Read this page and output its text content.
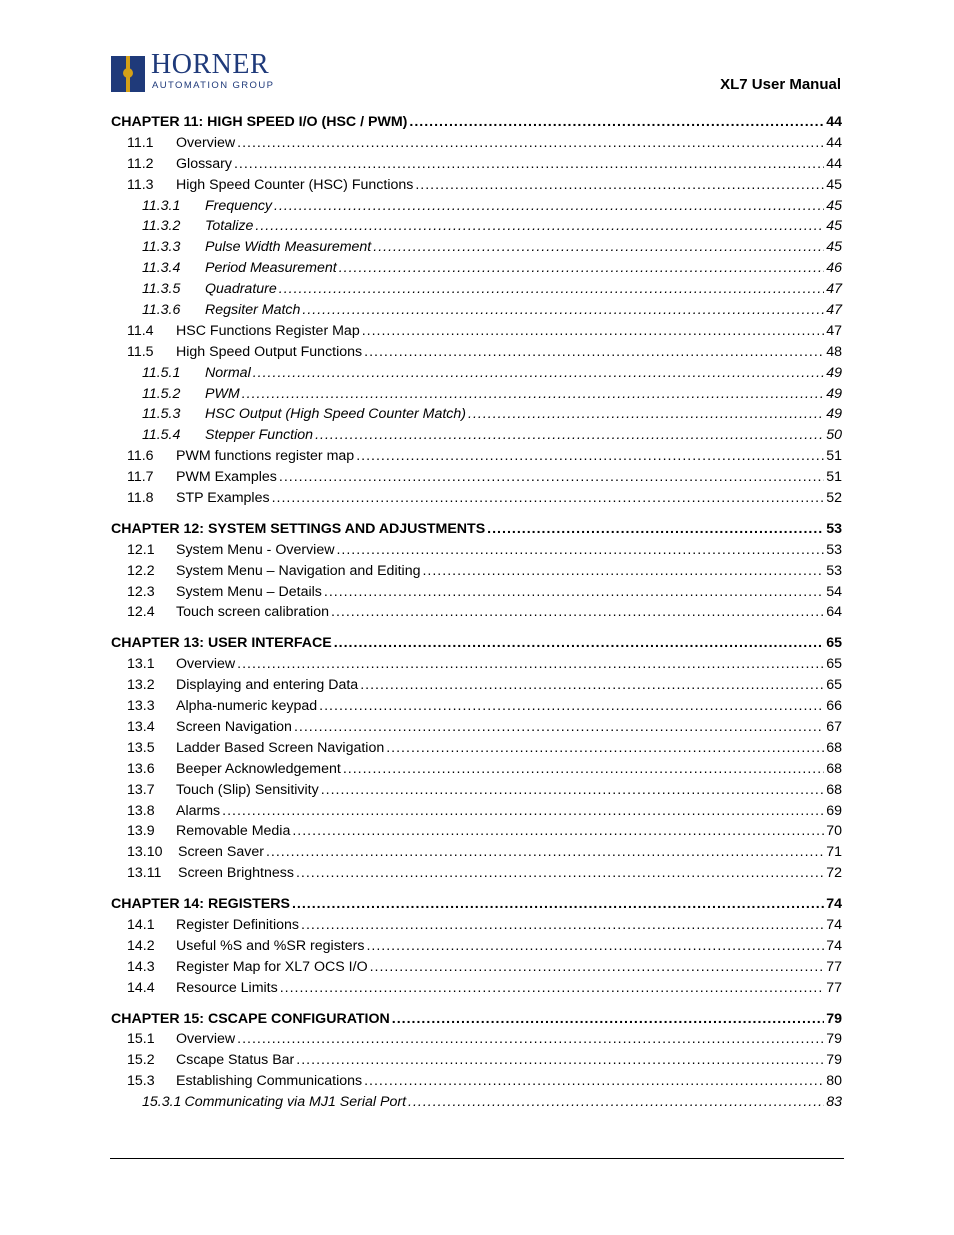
HORNER
AUTOMATION GROUP	XL7 User Manual
CHAPTER 11: HIGH SPEED I/O (HSC / PWM) .....	44
11.1	Overview .....	44
11.2	Glossary .....	44
11.3	High Speed Counter (HSC) Functions .....	45
11.3.1	Frequency .....	45
11.3.2	Totalize .....	45
11.3.3	Pulse Width Measurement .....	45
11.3.4	Period Measurement .....	46
11.3.5	Quadrature .....	47
11.3.6	Regsiter Match .....	47
11.4	HSC Functions Register Map .....	47
11.5	High Speed Output Functions .....	48
11.5.1	Normal .....	49
11.5.2	PWM .....	49
11.5.3	HSC Output (High Speed Counter Match) .....	49
11.5.4	Stepper Function .....	50
11.6	PWM functions register map .....	51
11.7	PWM Examples .....	51
11.8	STP Examples .....	52
CHAPTER 12: SYSTEM SETTINGS AND ADJUSTMENTS .....	53
12.1	System Menu - Overview .....	53
12.2	System Menu – Navigation and Editing .....	53
12.3	System Menu – Details .....	54
12.4	Touch screen calibration .....	64
CHAPTER 13: USER INTERFACE .....	65
13.1	Overview .....	65
13.2	Displaying and entering Data .....	65
13.3	Alpha-numeric keypad .....	66
13.4	Screen Navigation .....	67
13.5	Ladder Based Screen Navigation .....	68
13.6	Beeper Acknowledgement .....	68
13.7	Touch (Slip) Sensitivity .....	68
13.8	Alarms .....	69
13.9	Removable Media .....	70
13.10	Screen Saver .....	71
13.11	Screen Brightness .....	72
CHAPTER 14: REGISTERS .....	74
14.1	Register Definitions .....	74
14.2	Useful %S and %SR registers .....	74
14.3	Register Map for XL7 OCS I/O .....	77
14.4	Resource Limits .....	77
CHAPTER 15: CSCAPE CONFIGURATION .....	79
15.1	Overview .....	79
15.2	Cscape Status Bar .....	79
15.3	Establishing Communications .....	80
15.3.1 Communicating via MJ1 Serial Port .....	83
